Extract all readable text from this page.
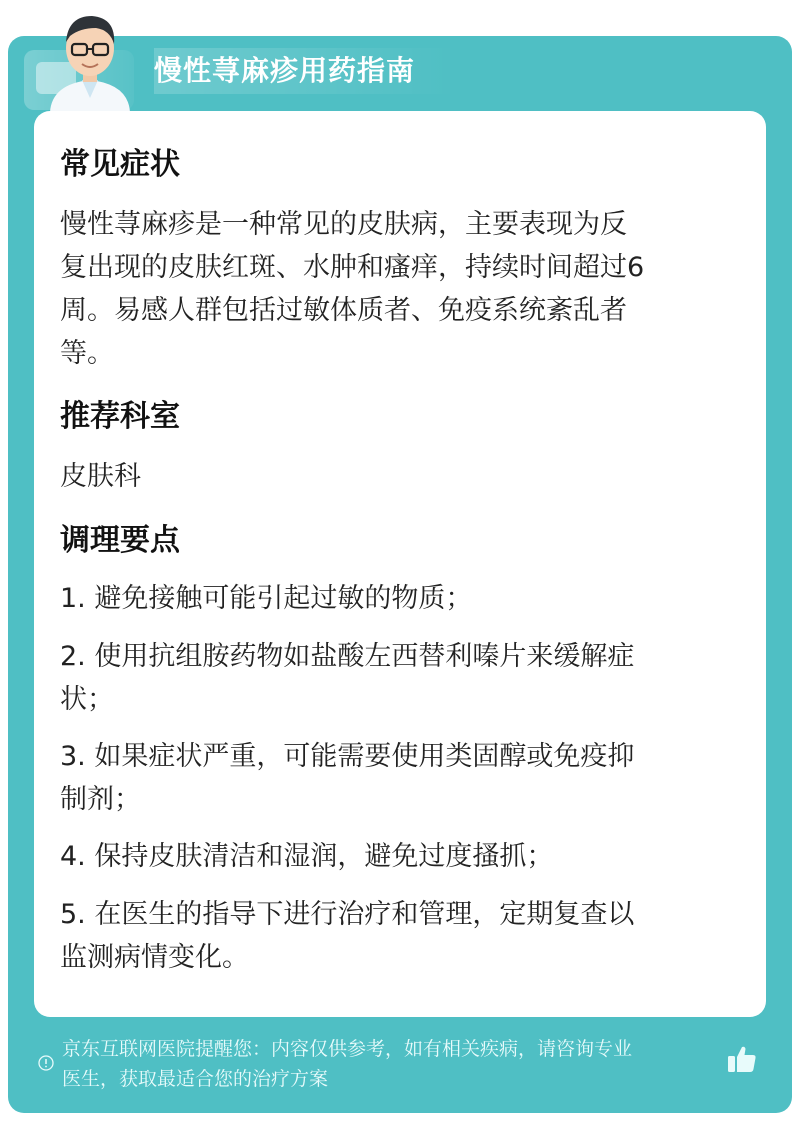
慢性荨麻疹用药指南
常见症状
慢性荨麻疹是一种常见的皮肤病，主要表现为反
复出现的皮肤红斑、水肿和瘙痒，持续时间超过6
周。易感人群包括过敏体质者、免疫系统紊乱者
等。
推荐科室
皮肤科
调理要点
1. 避免接触可能引起过敏的物质；
2. 使用抗组胺药物如盐酸左西替利嗪片来缓解症
状；
3. 如果症状严重，可能需要使用类固醇或免疫抑
制剂；
4. 保持皮肤清洁和湿润，避免过度搔抓；
5. 在医生的指导下进行治疗和管理，定期复查以
监测病情变化。
京东互联网医院提醒您：内容仅供参考，如有相关疾病，请咨询专业
医生，获取最适合您的治疗方案
